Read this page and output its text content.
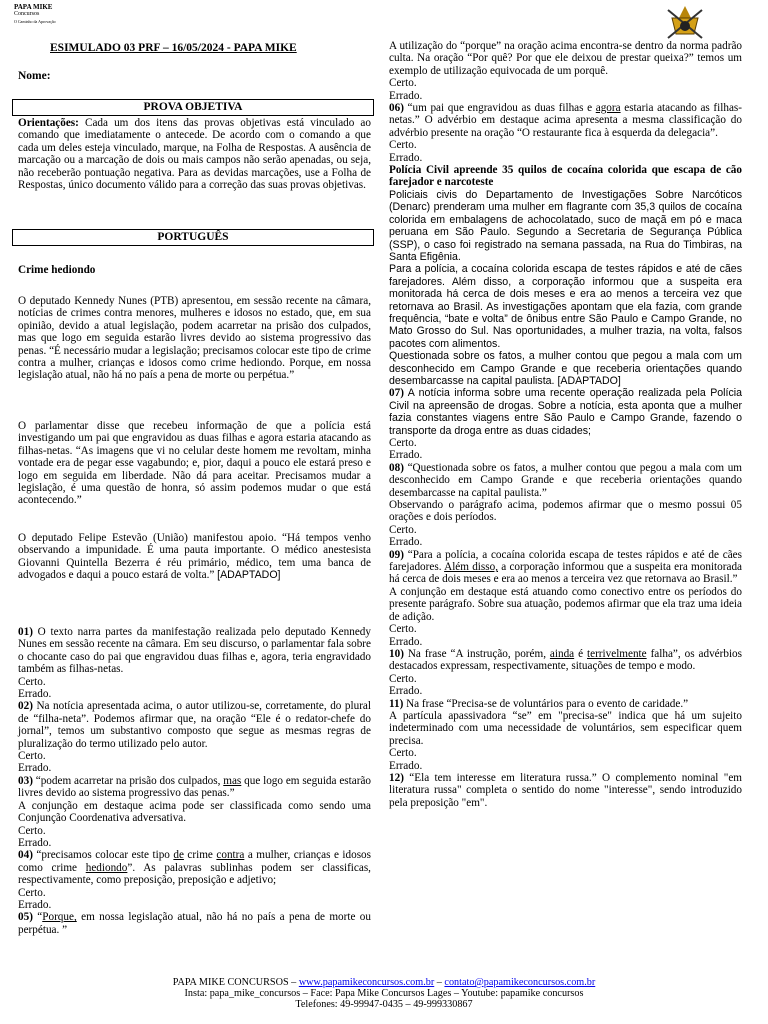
PAPA MIKE
Concursos
O Caminho da Aprovação
ESIMULADO 03 PRF – 16/05/2024 - PAPA MIKE
Nome:
PROVA OBJETIVA

Orientações: Cada um dos itens das provas objetivas está vinculado ao comando que imediatamente o antecede. De acordo com o comando a que cada um deles esteja vinculado, marque, na Folha de Respostas. A ausência de marcação ou a marcação de dois ou mais campos não serão apenadas, ou seja, não receberão pontuação negativa. Para as devidas marcações, use a Folha de Respostas, único documento válido para a correção das suas provas objetivas.

PORTUGUÊS

Crime hediondo

O deputado Kennedy Nunes (PTB) apresentou, em sessão recente na câmara, notícias de crimes contra menores, mulheres e idosos no estado, que, em sua opinião, devido a atual legislação, podem acarretar na prisão dos culpados, mas que logo em seguida estarão livres devido ao sistema progressivo das penas. “É necessário mudar a legislação; precisamos colocar este tipo de crime contra a mulher, crianças e idosos como crime hediondo. Porque, em nossa legislação atual, não há no país a pena de morte ou perpétua.”

O parlamentar disse que recebeu informação de que a polícia está investigando um pai que engravidou as duas filhas e agora estaria atacando as filhas-netas. “As imagens que vi no celular deste homem me revoltam, minha vontade era de pegar esse vagabundo; e, pior, daqui a pouco ele estará preso e logo em seguida em liberdade. Não dá para aceitar. Precisamos mudar a legislação, é uma questão de honra, só assim podemos mudar o que está acontecendo.”

O deputado Felipe Estevão (União) manifestou apoio. “Há tempos venho observando a impunidade. É uma pauta importante. O médico anestesista Giovanni Quintella Bezerra é réu primário, médico, tem uma banca de advogados e daqui a pouco estará de volta.” [ADAPTADO]

01) O texto narra partes da manifestação realizada pelo deputado Kennedy Nunes em sessão recente na câmara. Em seu discurso, o parlamentar fala sobre o chocante caso do pai que engravidou duas filhas e, agora, teria engravidado também as filhas-netas.

Certo.

Errado.

02) Na notícia apresentada acima, o autor utilizou-se, corretamente, do plural de “filha-neta”. Podemos afirmar que, na oração “Ele é o redator-chefe do jornal”, temos um substantivo composto que segue as mesmas regras de pluralização do termo utilizado pelo autor.

Certo.

Errado.

03) “podem acarretar na prisão dos culpados, mas que logo em seguida estarão livres devido ao sistema progressivo das penas.”

A conjunção em destaque acima pode ser classificada como sendo uma Conjunção Coordenativa adversativa.

Certo.

Errado.

04) “precisamos colocar este tipo de crime contra a mulher, crianças e idosos como crime hediondo”. As palavras sublinhas podem ser classificas, respectivamente, como preposição, preposição e adjetivo;

Certo.

Errado.

05) “Porque, em nossa legislação atual, não há no país a pena de morte ou perpétua. ”

A utilização do “porque” na oração acima encontra-se dentro da norma padrão culta. Na oração “Por quê? Por que ele deixou de prestar queixa?” temos um exemplo de utilização equivocada de um porquê.

Certo.

Errado.

06) “um pai que engravidou as duas filhas e agora estaria atacando as filhas-netas.” O advérbio em destaque acima apresenta a mesma classificação do advérbio presente na oração “O restaurante fica à esquerda da delegacia”.

Certo.

Errado.

Polícia Civil apreende 35 quilos de cocaína colorida que escapa de cão farejador e narcoteste

Policiais civis do Departamento de Investigações Sobre Narcóticos (Denarc) prenderam uma mulher em flagrante com 35,3 quilos de cocaína colorida em embalagens de achocolatado, suco de maçã em pó e maca peruana em São Paulo. Segundo a Secretaria de Segurança Pública (SSP), o caso foi registrado na semana passada, na Rua do Timbiras, na Santa Efigênia.

Para a polícia, a cocaína colorida escapa de testes rápidos e até de cães farejadores. Além disso, a corporação informou que a suspeita era monitorada há cerca de dois meses e era ao menos a terceira vez que retornava ao Brasil. As investigações apontam que ela fazia, com grande frequência, “bate e volta” de ônibus entre São Paulo e Campo Grande, no Mato Grosso do Sul. Nas oportunidades, a mulher trazia, na volta, falsos pacotes com alimentos.

Questionada sobre os fatos, a mulher contou que pegou a mala com um desconhecido em Campo Grande e que receberia orientações quando desembarcasse na capital paulista. [ADAPTADO]

07) A notícia informa sobre uma recente operação realizada pela Polícia Civil na apreensão de drogas. Sobre a notícia, esta aponta que a mulher fazia constantes viagens entre São Paulo e Campo Grande, fazendo o transporte da droga entre as duas cidades;

Certo.

Errado.

08) “Questionada sobre os fatos, a mulher contou que pegou a mala com um desconhecido em Campo Grande e que receberia orientações quando desembarcasse na capital paulista.”

Observando o parágrafo acima, podemos afirmar que o mesmo possui 05 orações e dois períodos.

Certo.

Errado.

09) “Para a polícia, a cocaína colorida escapa de testes rápidos e até de cães farejadores. Além disso, a corporação informou que a suspeita era monitorada há cerca de dois meses e era ao menos a terceira vez que retornava ao Brasil.”

A conjunção em destaque está atuando como conectivo entre os períodos do presente parágrafo. Sobre sua atuação, podemos afirmar que ela traz uma ideia de adição.

Certo.

Errado.

10) Na frase “A instrução, porém, ainda é terrivelmente falha”, os advérbios destacados expressam, respectivamente, situações de tempo e modo.

Certo.

Errado.

11) Na frase “Precisa-se de voluntários para o evento de caridade.”

A partícula apassivadora “se” em "precisa-se" indica que há um sujeito indeterminado com uma necessidade de voluntários, sem especificar quem precisa.

Certo.

Errado.

12) “Ela tem interesse em literatura russa.” O complemento nominal "em literatura russa" completa o sentido do nome "interesse", sendo introduzido pela preposição "em".

PAPA MIKE CONCURSOS – www.papamikeconcursos.com.br – contato@papamikeconcursos.com.br
Insta: papa_mike_concursos – Face: Papa Mike Concursos Lages – Youtube: papamike concursos
Telefones: 49-99947-0435 – 49-999330867
